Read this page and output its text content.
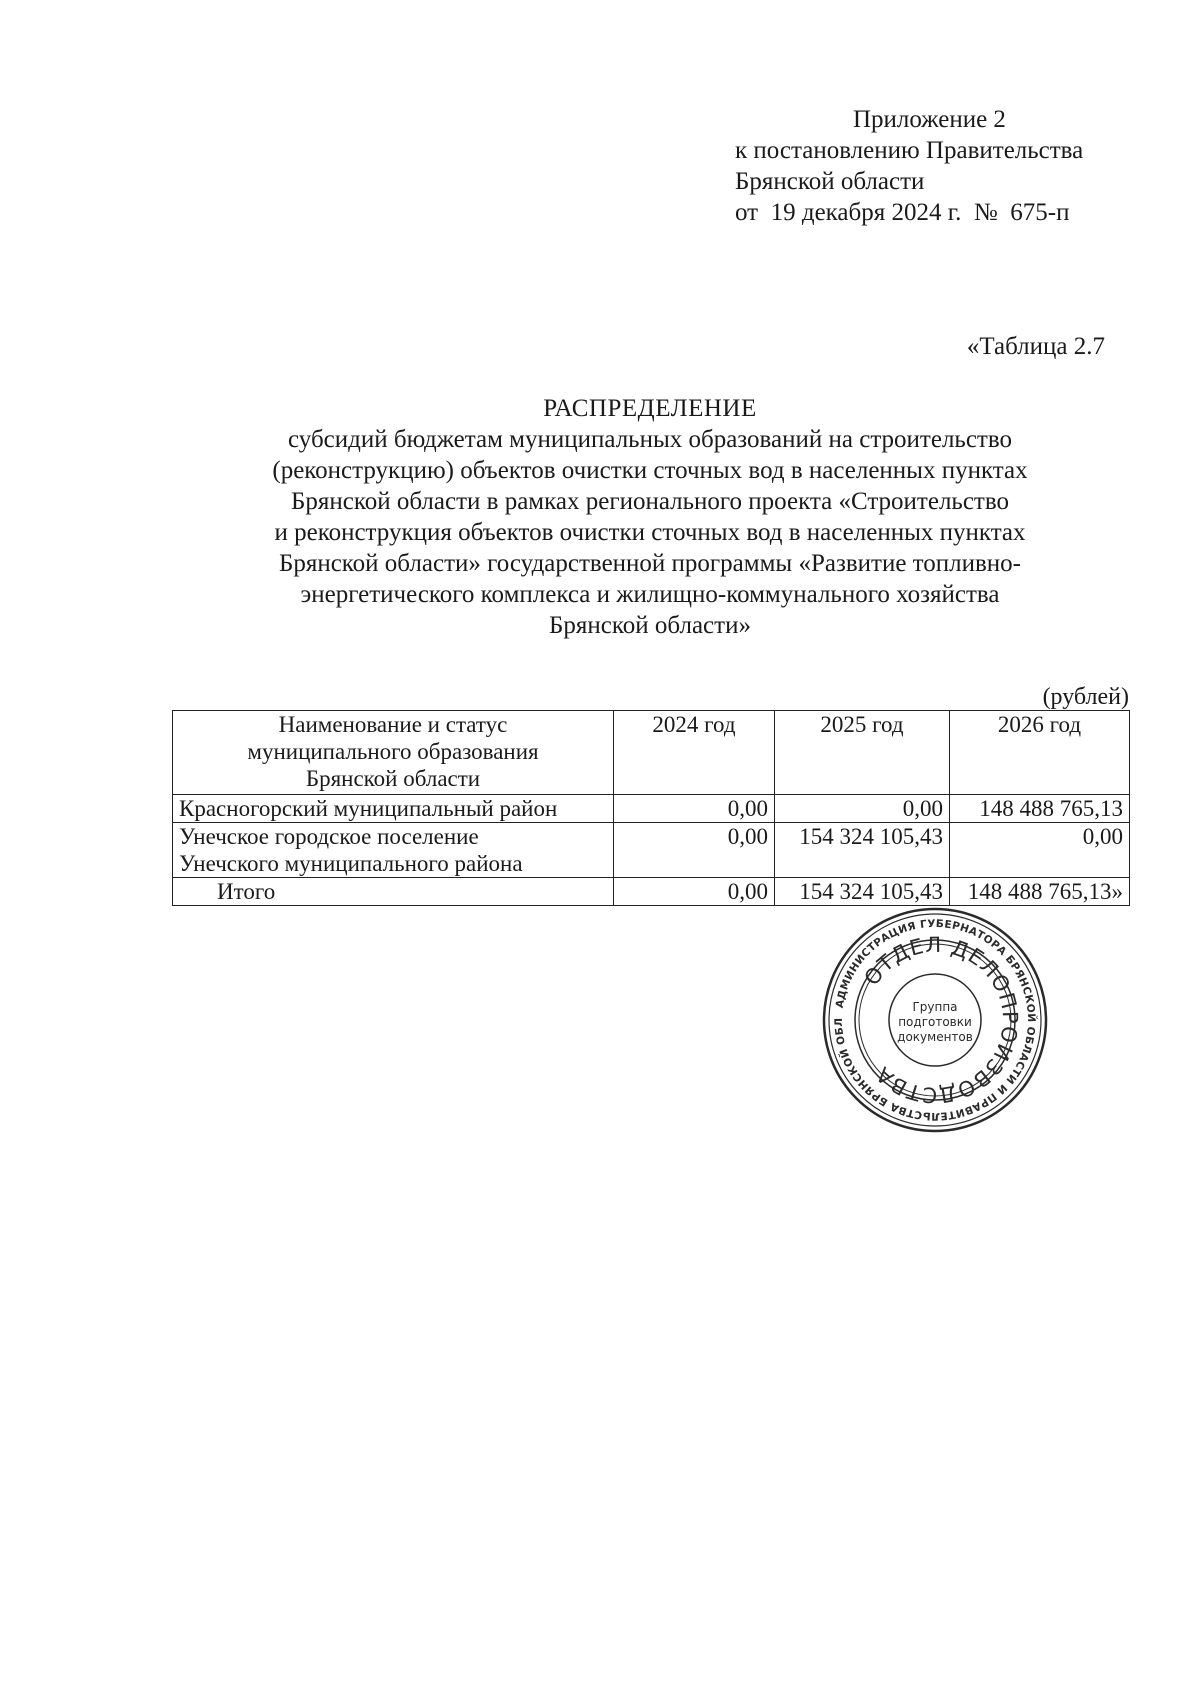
Приложение 2
к постановлению Правительства
Брянской области
от  19 декабря 2024 г.  №  675-п
«Таблица 2.7
РАСПРЕДЕЛЕНИЕ
субсидий бюджетам муниципальных образований на строительство
(реконструкцию) объектов очистки сточных вод в населенных пунктах
Брянской области в рамках регионального проекта «Строительство
и реконструкция объектов очистки сточных вод в населенных пунктах
Брянской области» государственной программы «Развитие топливно-
энергетического комплекса и жилищно-коммунального хозяйства
Брянской области»
(рублей)
Наименование и статус
муниципального образования
Брянской области	2024 год	2025 год	2026 год

Красногорский муниципальный район	0,00	0,00	148 488 765,13

Унечское городское поселение
Унечского муниципального района	0,00	154 324 105,43	0,00
Итого	0,00	154 324 105,43	148 488 765,13»
АДМИНИСТРАЦИЯ ГУБЕРНАТОРА БРЯНСКОЙ ОБЛАСТИ И ПРАВИТЕЛЬСТВА БРЯНСКОЙ ОБЛ
ОТДЕЛ ДЕЛОПРОИЗВОДСТВА
Группа
подготовки
документов
